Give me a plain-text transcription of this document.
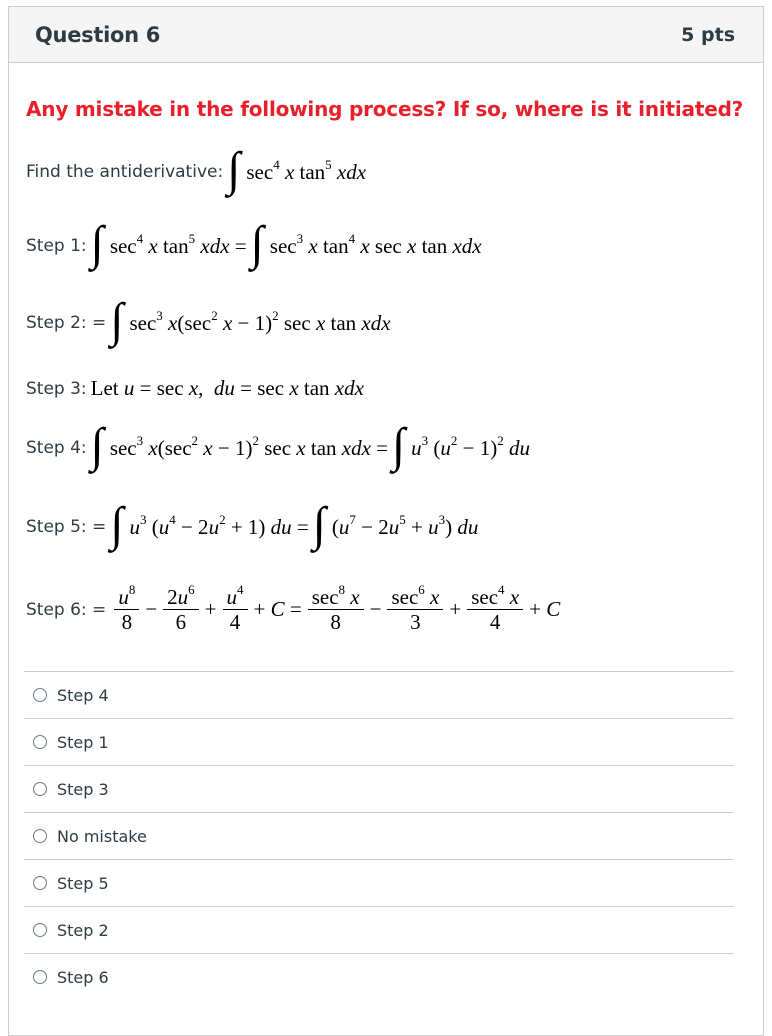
Question 6	5 pts
Any mistake in the following process? If so, where is it initiated?
Find the antiderivative: ∫ $\sec^4 x$ $\tan^5$ xdx
Step 1: ∫ $\sec^4 x$ $\tan^5$ xdx = ∫ $\sec^3 x$ $\tan^4 x$ sec x tan xdx
Step 2: = ∫ $\sec^3 x(\sec^2$ x − 1)$^2$ sec x tan xdx
Step 3: Let u = sec x,  du = sec x tan xdx
Step 4: ∫ $\sec^3 x(\sec^2$ x − 1)$^2$ sec x tan xdx = ∫ $u^3$ $(u^2 - 1)^2$ du
Step 5: = ∫ $u^3$ $(u^4 - 2u^2 + 1)$ du = ∫ $(u^7 - 2u^5 + u^3)$ du
Step 6: = $\frac{u^8}{8} - \frac{2u^6}{6} + \frac{u^4}{4} + C = \frac{\sec^8 x}{8} - \frac{\sec^6 x}{3} + \frac{\sec^4 x}{4} + C$
Step 4
Step 1
Step 3
No mistake
Step 5
Step 2
Step 6
